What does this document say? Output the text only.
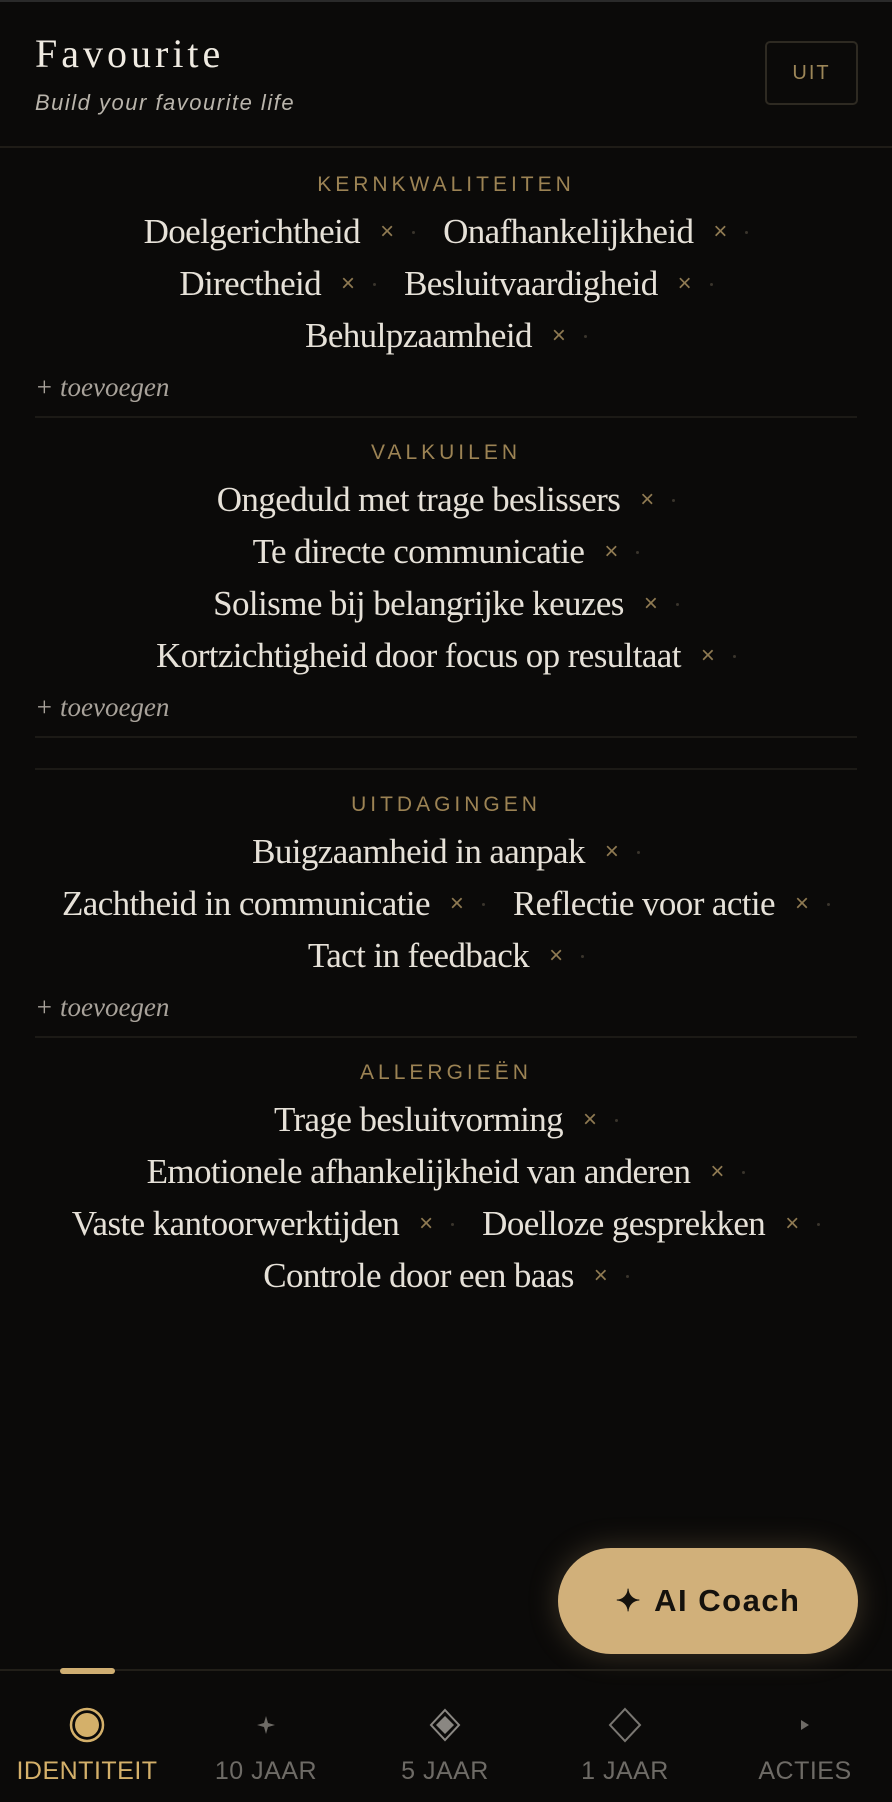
Favourite
Build your favourite life
UIT
KERNKWALITEITEN
Doelgerichtheid × Onafhankelijkheid ×
Directheid × Besluitvaardigheid ×
Behulpzaamheid ×
+ toevoegen
VALKUILEN
Ongeduld met trage beslissers ×
Te directe communicatie ×
Solisme bij belangrijke keuzes ×
Kortzichtigheid door focus op resultaat ×
+ toevoegen
UITDAGINGEN
Buigzaamheid in aanpak ×
Zachtheid in communicatie × Reflectie voor actie ×
Tact in feedback ×
+ toevoegen
ALLERGIEËN
Trage besluitvorming ×
Emotionele afhankelijkheid van anderen ×
Vaste kantoorwerktijden × Doelloze gesprekken ×
Controle door een baas ×
✦ AI Coach
IDENTITEIT 10 JAAR	5 JAAR	1 JAAR	ACTIES
